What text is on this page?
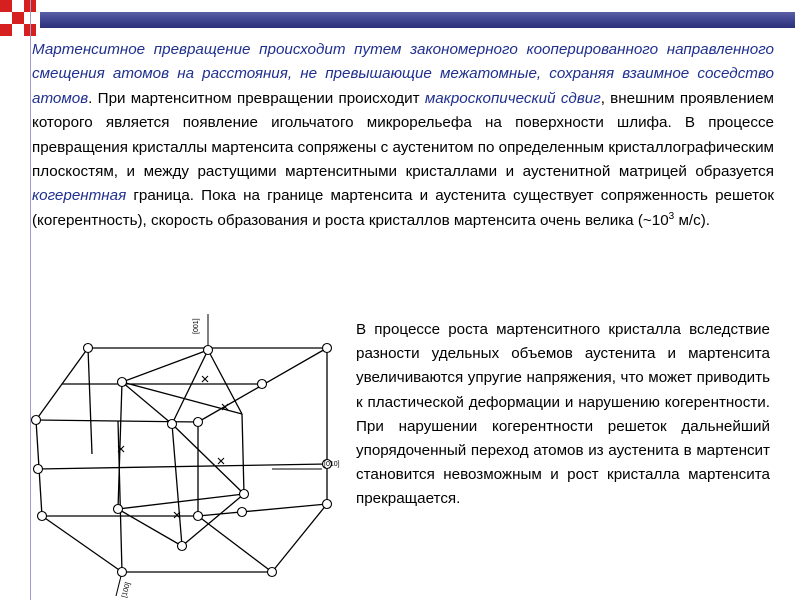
Мартенситное превращение происходит путем закономерного кооперированного направленного смещения атомов на расстояния, не превышающие межатомные, сохраняя взаимное соседство атомов. При мартенситном превращении происходит макроскопический сдвиг, внешним проявлением которого является появление игольчатого микрорельефа на поверхности шлифа. В процессе превращения кристаллы мартенсита сопряжены с аустенитом по определенным кристаллографическим плоскостям, и между растущими мартенситными кристаллами и аустенитной матрицей образуется когерентная граница. Пока на границе мартенсита и аустенита существует сопряженность решеток (когерентность), скорость образования и роста кристаллов мартенсита очень велика ($\sim 10^3$ м/с).
[001]
[010]
[100]
В процессе роста мартенситного кристалла вследствие разности удельных объемов аустенита и мартенсита увеличиваются упругие напряжения, что может приводить к пластической деформации и нарушению когерентности. При нарушении когерентности решеток дальнейший упорядоченный переход атомов из аустенита в мартенсит становится невозможным и рост кристалла мартенсита прекращается.
